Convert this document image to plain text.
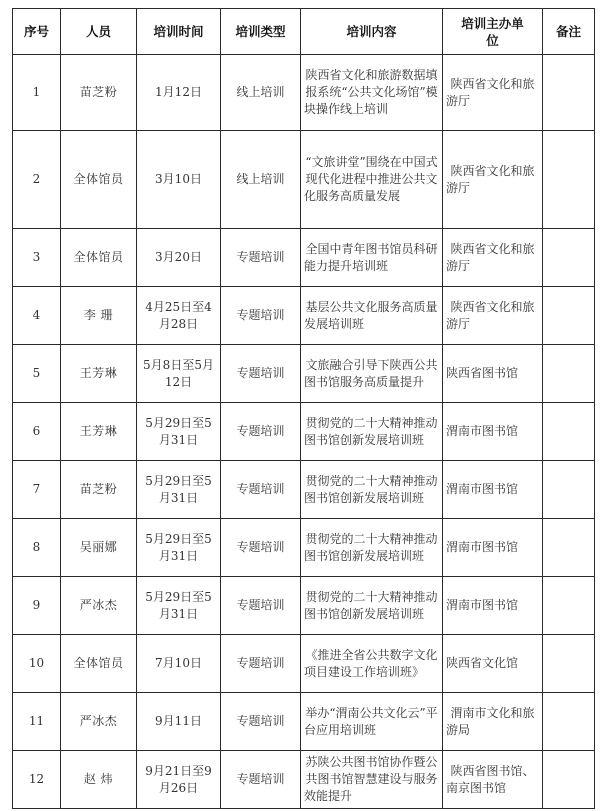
序号	人员	培训时间	培训类型	培训内容	培训主办单位	备注
1	苗芝粉	1月12日	线上培训	陕西省文化和旅游数据填报系统“公共文化场馆”模块操作线上培训	陕西省文化和旅游厅	
2	全体馆员	3月10日	线上培训	“文旅讲堂”围绕在中国式现代化进程中推进公共文化服务高质量发展	陕西省文化和旅游厅	
3	全体馆员	3月20日	专题培训	全国中青年图书馆员科研能力提升培训班	陕西省文化和旅游厅	
4	李 珊	4月25日至4月28日	专题培训	基层公共文化服务高质量发展培训班	陕西省文化和旅游厅	
5	王芳琳	5月8日至5月12日	专题培训	文旅融合引导下陕西公共图书馆服务高质量提升	陕西省图书馆	
6	王芳琳	5月29日至5月31日	专题培训	贯彻党的二十大精神推动图书馆创新发展培训班	渭南市图书馆	
7	苗芝粉	5月29日至5月31日	专题培训	贯彻党的二十大精神推动图书馆创新发展培训班	渭南市图书馆	
8	吴丽娜	5月29日至5月31日	专题培训	贯彻党的二十大精神推动图书馆创新发展培训班	渭南市图书馆	
9	严冰杰	5月29日至5月31日	专题培训	贯彻党的二十大精神推动图书馆创新发展培训班	渭南市图书馆	
10	全体馆员	7月10日	专题培训	《推进全省公共数字文化项目建设工作培训班》	陕西省文化馆	
11	严冰杰	9月11日	专题培训	举办“渭南公共文化云”平台应用培训班	渭南市文化和旅游局	
12	赵 炜	9月21日至9月26日	专题培训	苏陕公共图书馆协作暨公共图书馆智慧建设与服务效能提升	陕西省图书馆、南京图书馆	
